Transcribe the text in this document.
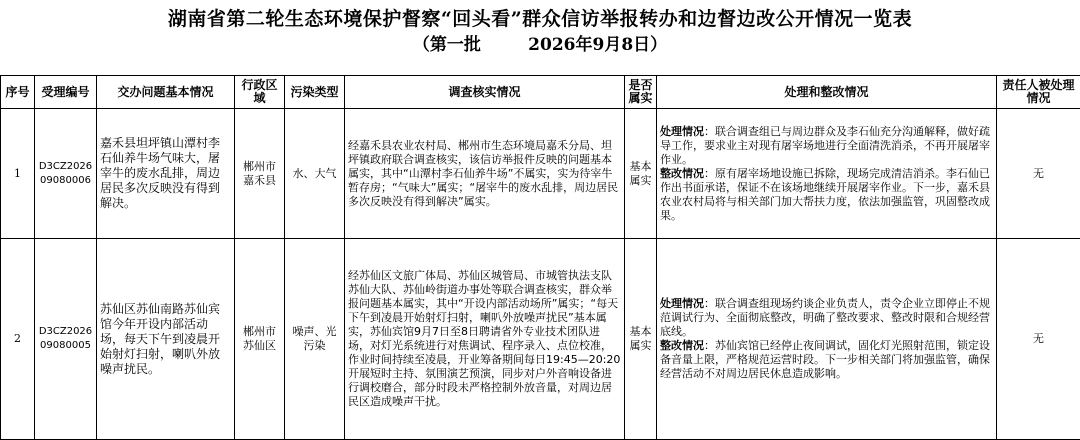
湖南省第二轮生态环境保护督察“回头看”群众信访举报转办和边督边改公开情况一览表
（第一批        2026年9月8日）
序号	受理编号	交办问题基本情况	行政区域	污染类型	调查核实情况	是否属实	处理和整改情况	责任人被处理情况
1	D3CZ202609080006	嘉禾县坦坪镇山潭村李石仙养牛场气味大，屠宰牛的废水乱排，周边居民多次反映没有得到解决。	郴州市嘉禾县	水、大气	经嘉禾县农业农村局、郴州市生态环境局嘉禾分局、坦坪镇政府联合调查核实，该信访举报件反映的问题基本属实，其中“山潭村李石仙养牛场”不属实，实为待宰牛暂存房；“气味大”属实；“屠宰牛的废水乱排，周边居民多次反映没有得到解决”属实。	基本属实	处理情况：联合调查组已与周边群众及李石仙充分沟通解释，做好疏导工作，要求业主对现有屠宰场地进行全面清洗消杀，不再开展屠宰作业。

整改情况：原有屠宰场地设施已拆除，现场完成清洁消杀。李石仙已作出书面承诺，保证不在该场地继续开展屠宰作业。下一步，嘉禾县农业农村局将与相关部门加大帮扶力度，依法加强监管，巩固整改成果。	无
2	D3CZ202609080005	苏仙区苏仙南路苏仙宾馆今年开设内部活动场，每天下午到凌晨开始射灯扫射，喇叭外放噪声扰民。	郴州市苏仙区	噪声、光污染	经苏仙区文旅广体局、苏仙区城管局、市城管执法支队苏仙大队、苏仙岭街道办事处等联合调查核实，群众举报问题基本属实，其中“开设内部活动场所”属实；“每天下午到凌晨开始射灯扫射，喇叭外放噪声扰民”基本属实，苏仙宾馆9月7日至8日聘请省外专业技术团队进场，对灯光系统进行对焦调试、程序录入、点位校准，作业时间持续至凌晨，开业筹备期间每日19:45—20:20开展短时主持、氛围演艺预演，同步对户外音响设备进行调校磨合，部分时段未严格控制外放音量，对周边居民区造成噪声干扰。	基本属实	处理情况：联合调查组现场约谈企业负责人，责令企业立即停止不规范调试行为、全面彻底整改，明确了整改要求、整改时限和合规经营底线。

整改情况：苏仙宾馆已经停止夜间调试，固化灯光照射范围，锁定设备音量上限，严格规范运营时段。下一步相关部门将加强监管，确保经营活动不对周边居民休息造成影响。	无
